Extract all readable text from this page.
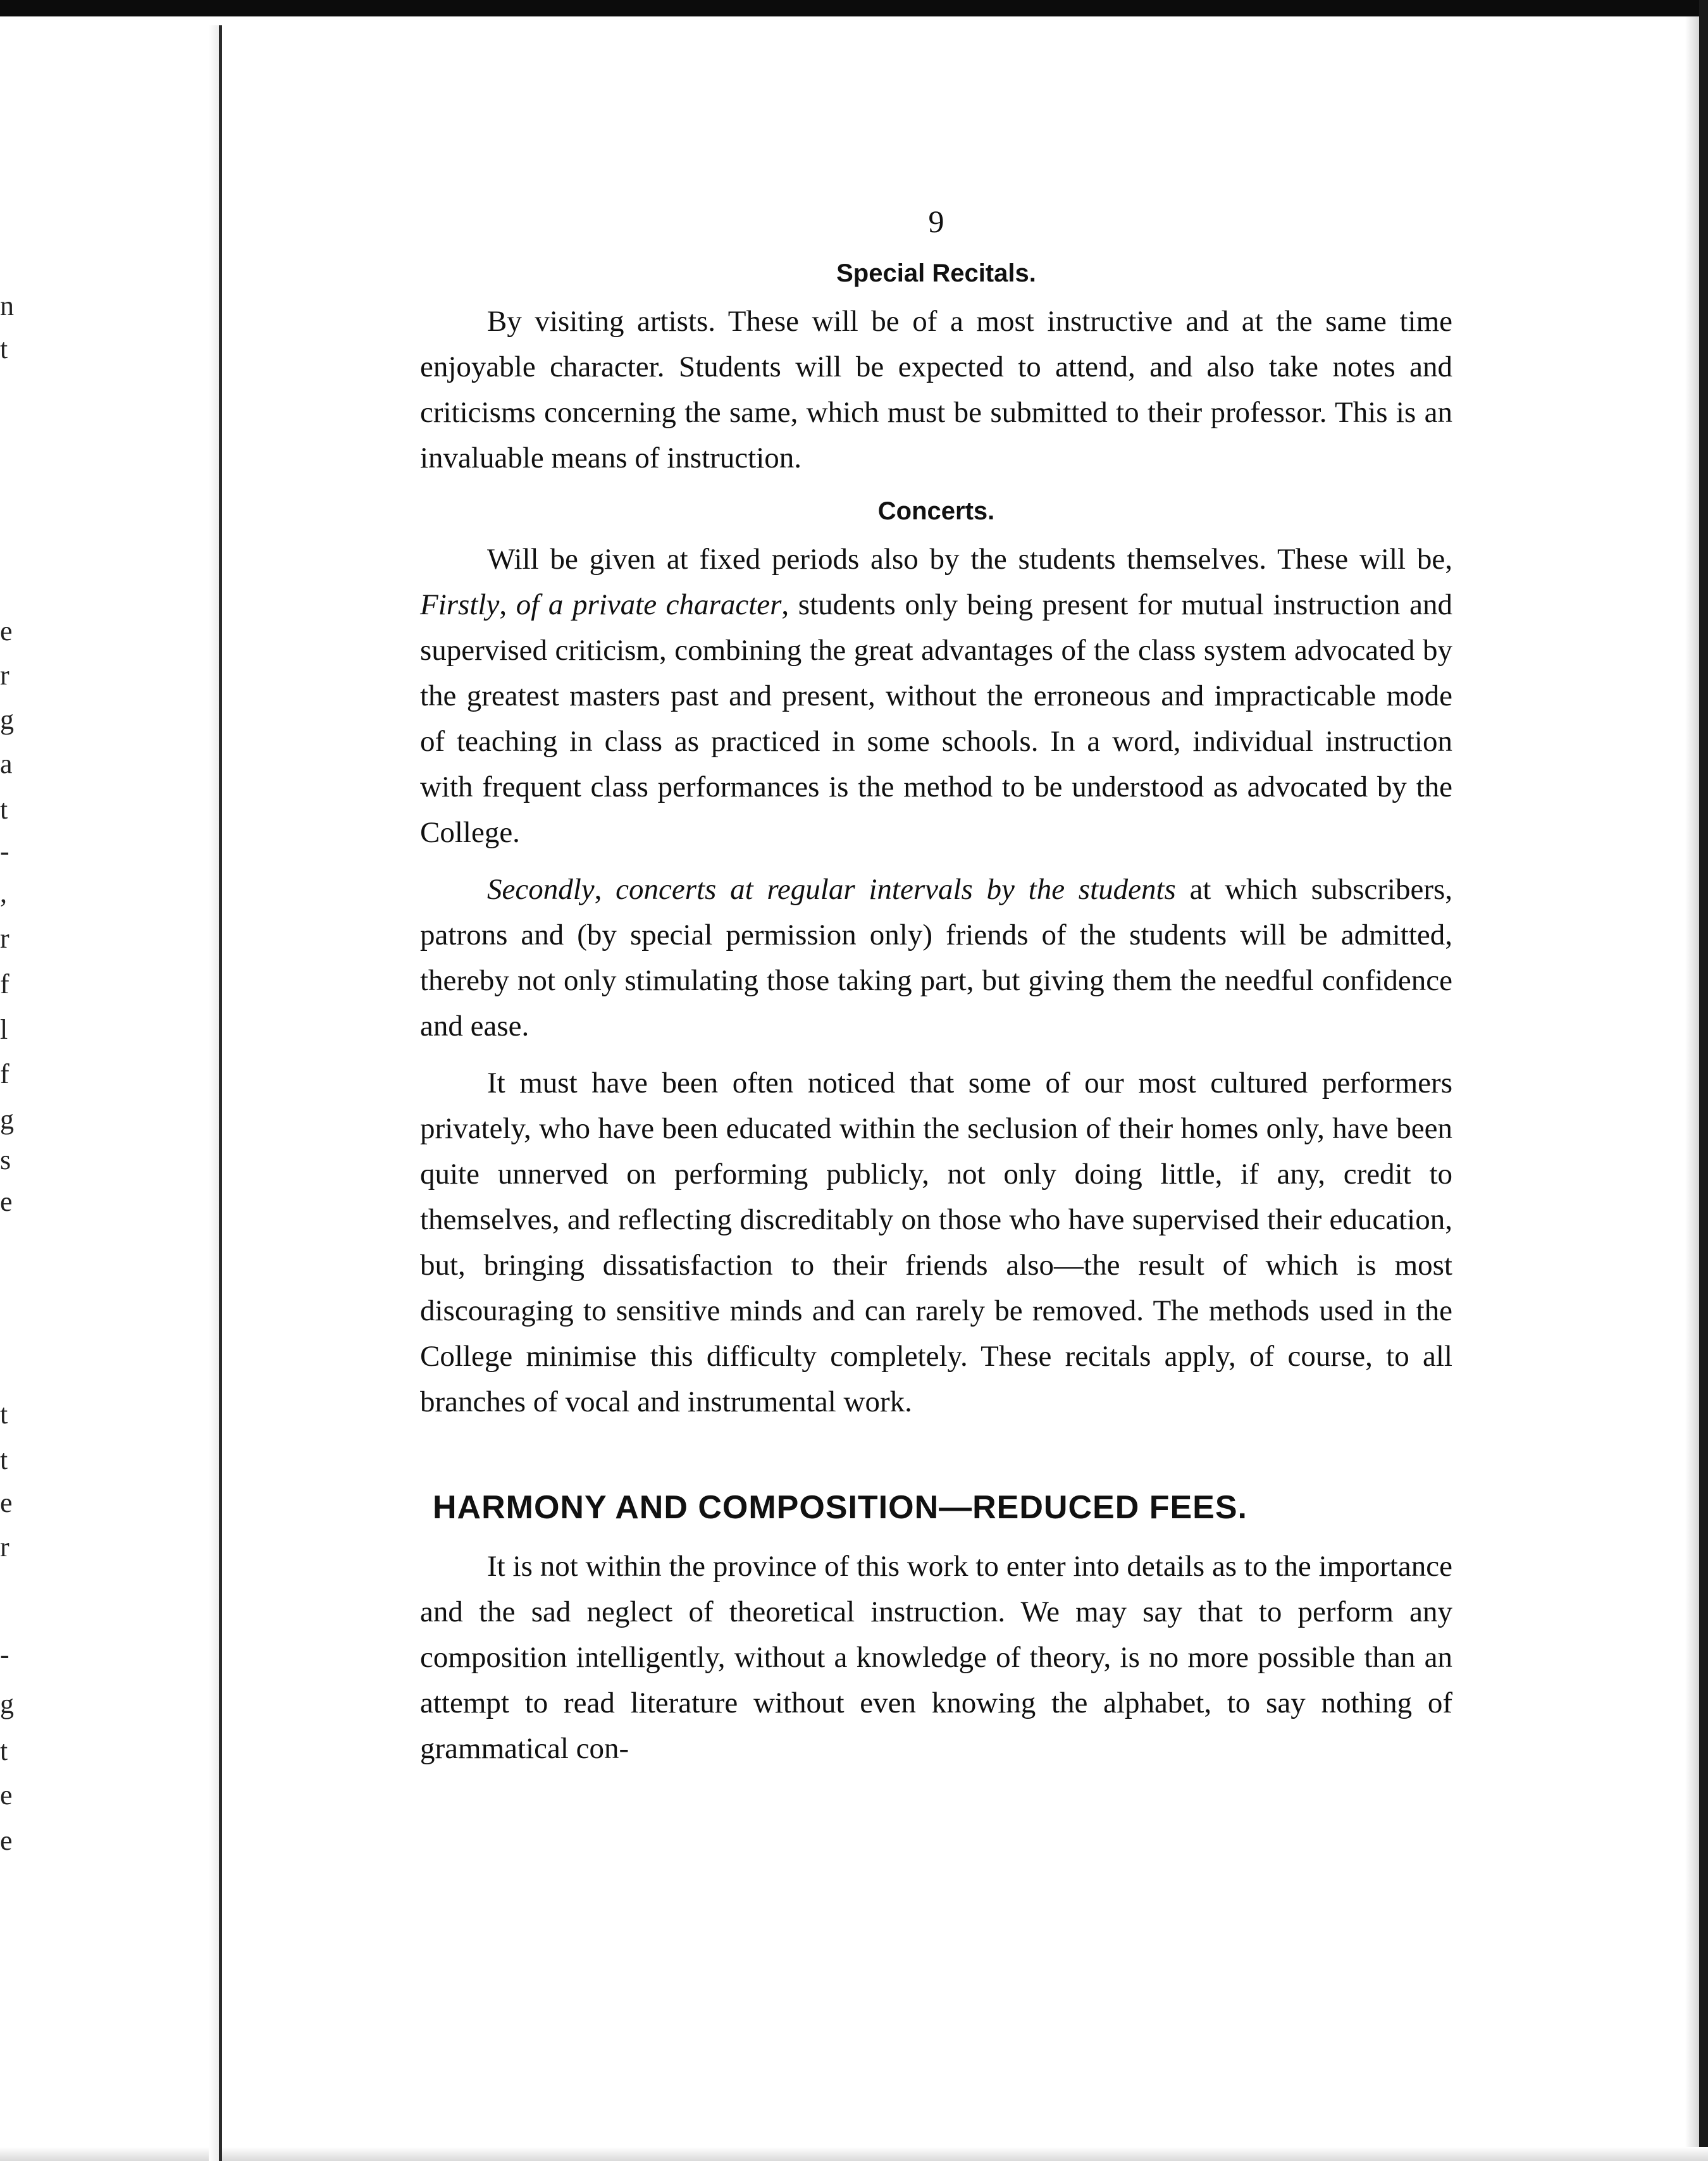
n
t
e
r
g
a
t
-
,
r
f
l
f
g
s
e
t
t
e
r
-
g
t
e
e
9
Special Recitals.

By visiting artists. These will be of a most instructive and at the same time enjoyable character. Students will be expected to attend, and also take notes and criticisms concerning the same, which must be submitted to their professor. This is an invaluable means of instruction.

Concerts.

Will be given at fixed periods also by the students themselves. These will be, Firstly, of a private character, students only being present for mutual instruction and supervised criticism, combining the great advantages of the class system advocated by the greatest masters past and present, without the erroneous and impracticable mode of teaching in class as practiced in some schools. In a word, individual instruction with frequent class performances is the method to be understood as advocated by the College.

Secondly, concerts at regular intervals by the students at which subscribers, patrons and (by special permission only) friends of the students will be admitted, thereby not only stimulating those taking part, but giving them the needful confidence and ease.

It must have been often noticed that some of our most cultured performers privately, who have been educated within the seclusion of their homes only, have been quite unnerved on performing publicly, not only doing little, if any, credit to themselves, and reflecting discreditably on those who have supervised their education, but, bringing dissatisfaction to their friends also—the result of which is most discouraging to sensitive minds and can rarely be removed. The methods used in the College minimise this difficulty completely. These recitals apply, of course, to all branches of vocal and instrumental work.

HARMONY AND COMPOSITION—REDUCED FEES.

It is not within the province of this work to enter into details as to the importance and the sad neglect of theoretical instruction. We may say that to perform any composition intelligently, without a knowledge of theory, is no more possible than an attempt to read literature without even knowing the alphabet, to say nothing of grammatical con-
